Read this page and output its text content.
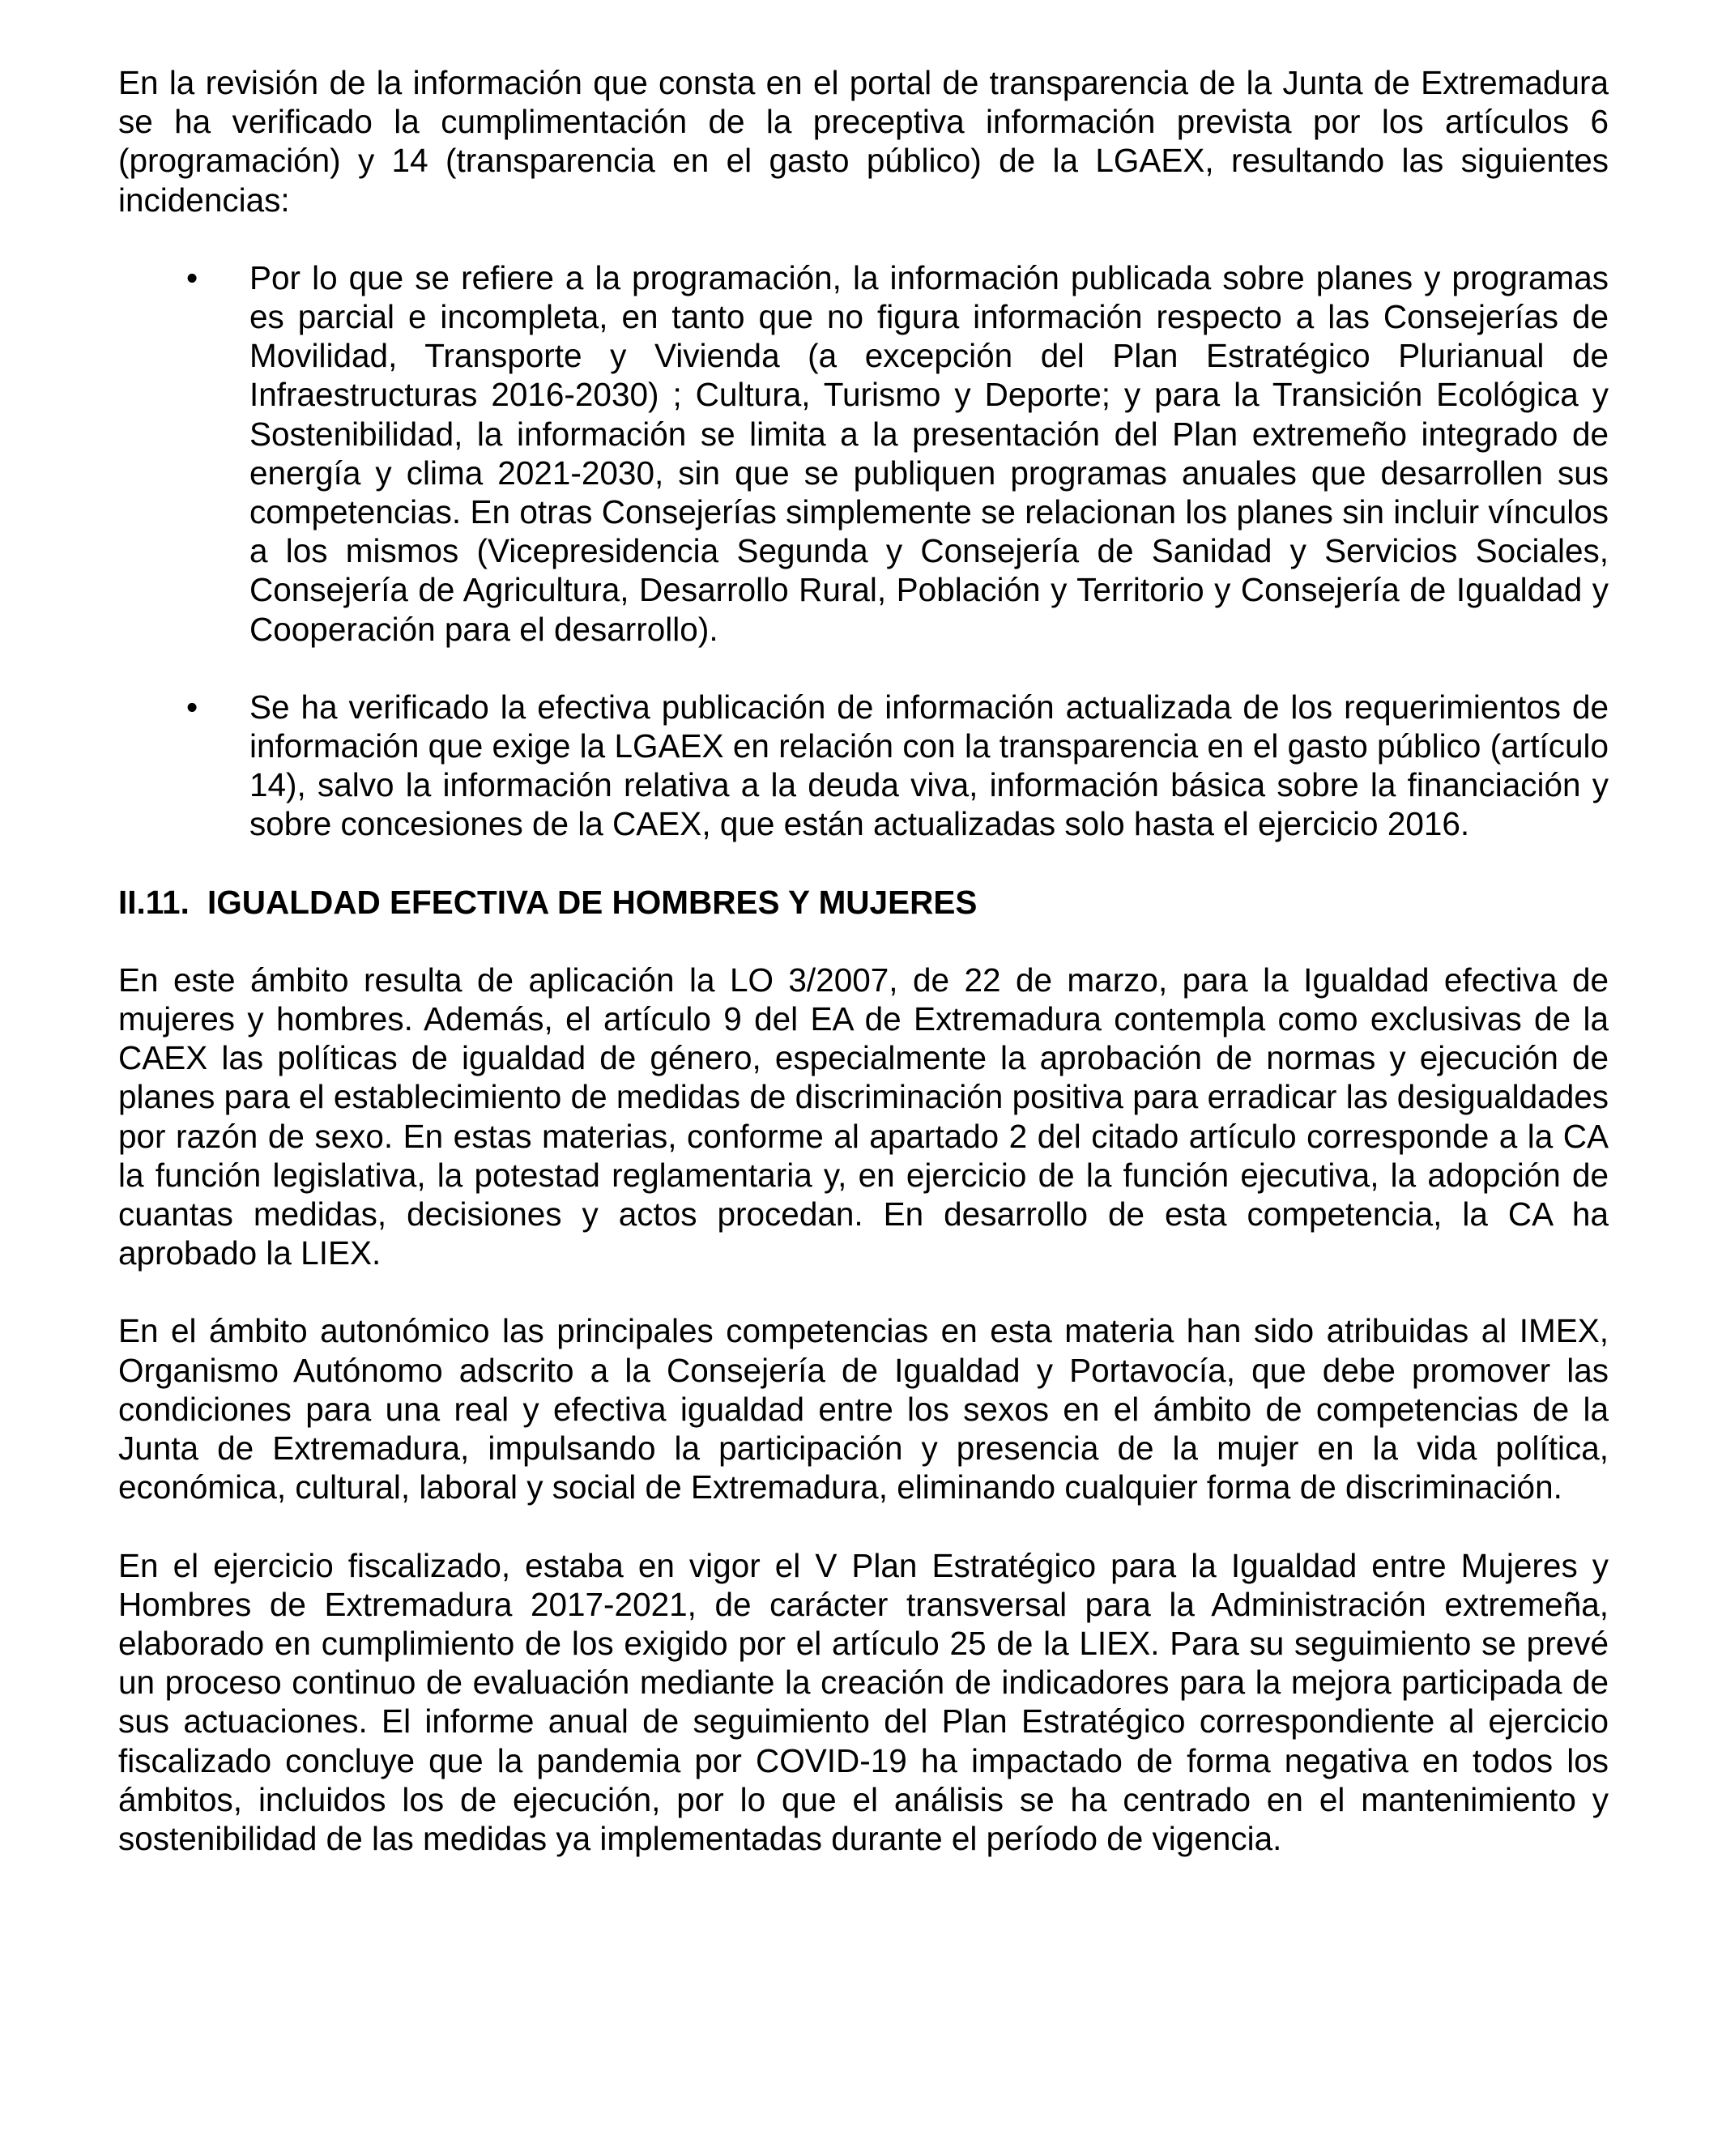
En la revisión de la información que consta en el portal de transparencia de la Junta de Extremadura se ha verificado la cumplimentación de la preceptiva información prevista por los artículos 6 (programación) y 14 (transparencia en el gasto público) de la LGAEX, resultando las siguientes incidencias:

•	Por lo que se refiere a la programación, la información publicada sobre planes y programas es parcial e incompleta, en tanto que no figura información respecto a las Consejerías de Movilidad, Transporte y Vivienda (a excepción del Plan Estratégico Plurianual de Infraestructuras 2016-2030) ; Cultura, Turismo y Deporte; y para la Transición Ecológica y Sostenibilidad, la información se limita a la presentación del Plan extremeño integrado de energía y clima 2021-2030, sin que se publiquen programas anuales que desarrollen sus competencias. En otras Consejerías simplemente se relacionan los planes sin incluir vínculos a los mismos (Vicepresidencia Segunda y Consejería de Sanidad y Servicios Sociales, Consejería de Agricultura, Desarrollo Rural, Población y Territorio y Consejería de Igualdad y Cooperación para el desarrollo).

•	Se ha verificado la efectiva publicación de información actualizada de los requerimientos de información que exige la LGAEX en relación con la transparencia en el gasto público (artículo 14), salvo la información relativa a la deuda viva, información básica sobre la financiación y sobre concesiones de la CAEX, que están actualizadas solo hasta el ejercicio 2016.

II.11. IGUALDAD EFECTIVA DE HOMBRES Y MUJERES

En este ámbito resulta de aplicación la LO 3/2007, de 22 de marzo, para la Igualdad efectiva de mujeres y hombres. Además, el artículo 9 del EA de Extremadura contempla como exclusivas de la CAEX las políticas de igualdad de género, especialmente la aprobación de normas y ejecución de planes para el establecimiento de medidas de discriminación positiva para erradicar las desigualdades por razón de sexo. En estas materias, conforme al apartado 2 del citado artículo corresponde a la CA la función legislativa, la potestad reglamentaria y, en ejercicio de la función ejecutiva, la adopción de cuantas medidas, decisiones y actos procedan. En desarrollo de esta competencia, la CA ha aprobado la LIEX.

En el ámbito autonómico las principales competencias en esta materia han sido atribuidas al IMEX, Organismo Autónomo adscrito a la Consejería de Igualdad y Portavocía, que debe promover las condiciones para una real y efectiva igualdad entre los sexos en el ámbito de competencias de la Junta de Extremadura, impulsando la participación y presencia de la mujer en la vida política, económica, cultural, laboral y social de Extremadura, eliminando cualquier forma de discriminación.

En el ejercicio fiscalizado, estaba en vigor el V Plan Estratégico para la Igualdad entre Mujeres y Hombres de Extremadura 2017-2021, de carácter transversal para la Administración extremeña, elaborado en cumplimiento de los exigido por el artículo 25 de la LIEX. Para su seguimiento se prevé un proceso continuo de evaluación mediante la creación de indicadores para la mejora participada de sus actuaciones. El informe anual de seguimiento del Plan Estratégico correspondiente al ejercicio fiscalizado concluye que la pandemia por COVID-19 ha impactado de forma negativa en todos los ámbitos, incluidos los de ejecución, por lo que el análisis se ha centrado en el mantenimiento y sostenibilidad de las medidas ya implementadas durante el período de vigencia.
